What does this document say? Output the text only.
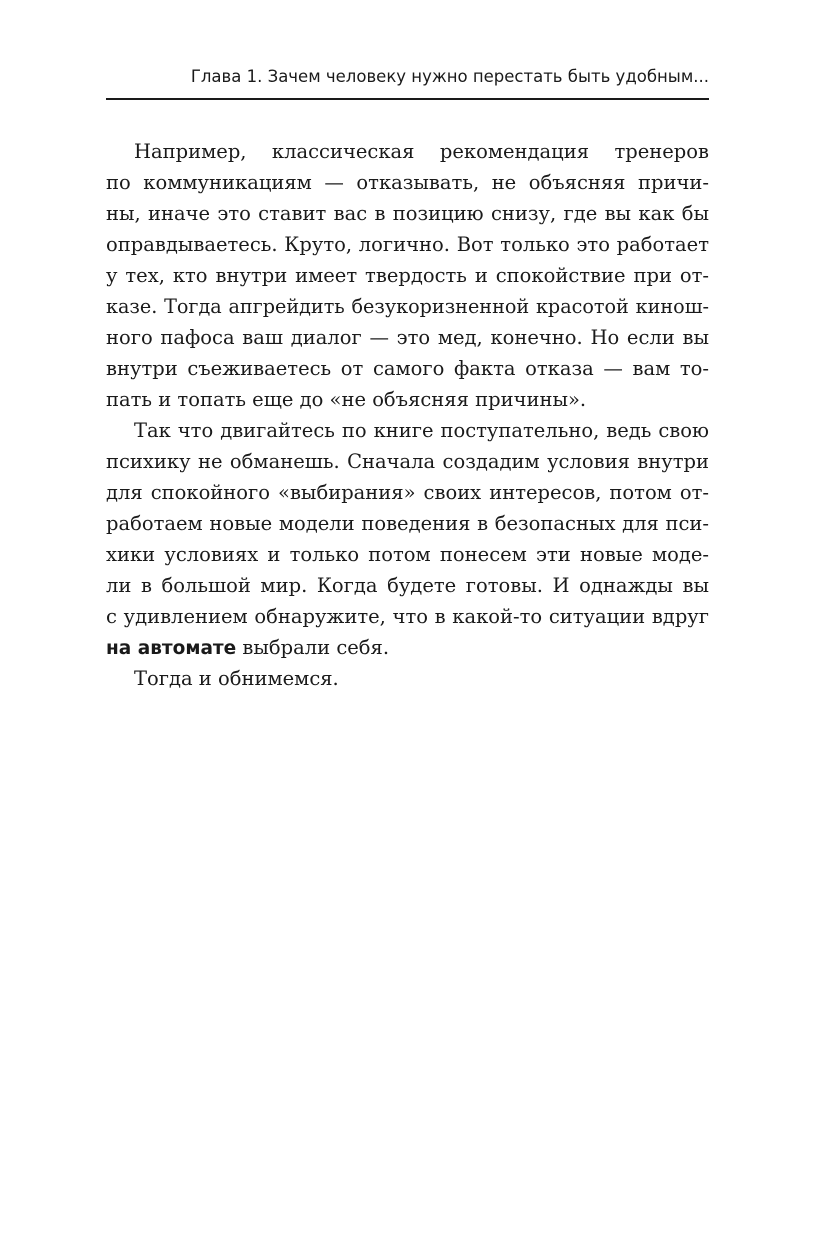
Глава 1. Зачем человеку нужно перестать быть удобным...
Например, классическая рекомендация тренеров
по коммуникациям — отказывать, не объясняя причи-
ны, иначе это ставит вас в позицию снизу, где вы как бы
оправдываетесь. Круто, логично. Вот только это работает
у тех, кто внутри имеет твердость и спокойствие при от-
казе. Тогда апгрейдить безукоризненной красотой кинош-
ного пафоса ваш диалог — это мед, конечно. Но если вы
внутри съеживаетесь от самого факта отказа — вам то-
пать и топать еще до «не объясняя причины».
Так что двигайтесь по книге поступательно, ведь свою
психику не обманешь. Сначала создадим условия внутри
для спокойного «выбирания» своих интересов, потом от-
работаем новые модели поведения в безопасных для пси-
хики условиях и только потом понесем эти новые моде-
ли в большой мир. Когда будете готовы. И однажды вы
с удивлением обнаружите, что в какой-то ситуации вдруг
на автомате выбрали себя.
Тогда и обнимемся.
